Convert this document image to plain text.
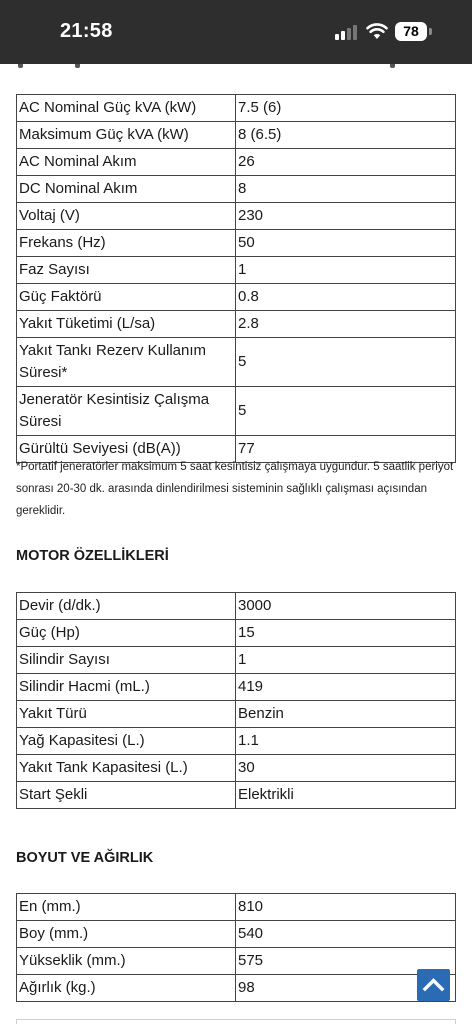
21:58	78
AC Nominal Güç kVA (kW)	7.5 (6)
Maksimum Güç kVA (kW)	8 (6.5)
AC Nominal Akım	26
DC Nominal Akım	8
Voltaj (V)	230
Frekans (Hz)	50
Faz Sayısı	1
Güç Faktörü	0.8
Yakıt Tüketimi (L/sa)	2.8
Yakıt Tankı Rezerv Kullanım Süresi*	5
Jeneratör Kesintisiz Çalışma Süresi	5
Gürültü Seviyesi (dB(A))	77
*Portatif jeneratörler maksimum 5 saat kesintisiz çalışmaya uygundur. 5 saatlik periyot sonrası 20-30 dk. arasında dinlendirilmesi sisteminin sağlıklı çalışması açısından gereklidir.
MOTOR ÖZELLİKLERİ
Devir (d/dk.)	3000
Güç (Hp)	15
Silindir Sayısı	1
Silindir Hacmi (mL.)	419
Yakıt Türü	Benzin
Yağ Kapasitesi (L.)	1.1
Yakıt Tank Kapasitesi (L.)	30
Start Şekli	Elektrikli
BOYUT VE AĞIRLIK
En (mm.)	810
Boy (mm.)	540
Yükseklik (mm.)	575
Ağırlık (kg.)	98
